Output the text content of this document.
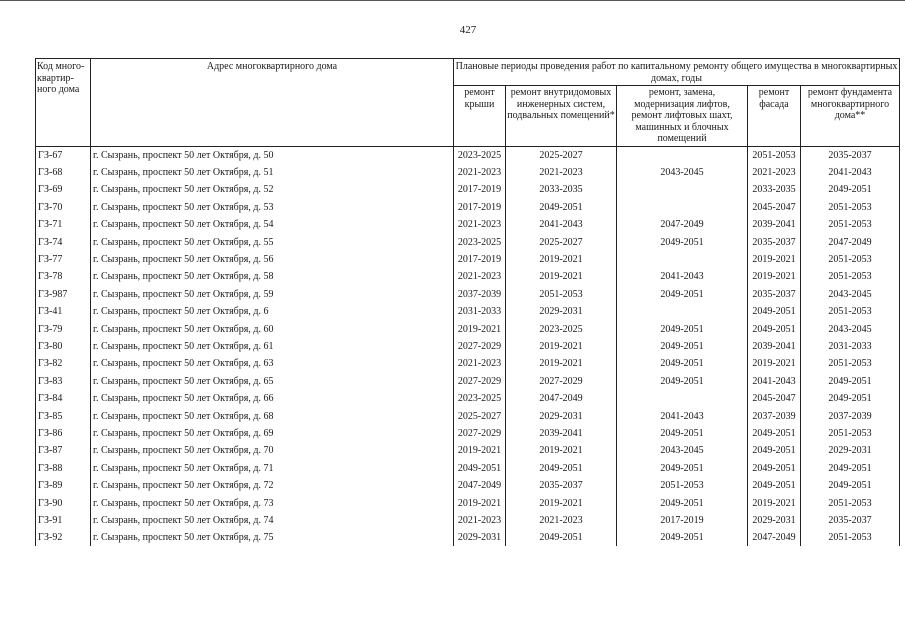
427
Код много-квартир-ного дома	Адрес многоквартирного дома	Плановые периоды проведения работ по капитальному ремонту общего имущества в многоквартирных домах, годы				
		ремонт крыши	ремонт внутридомовых инженерных систем, подвальных помещений*	ремонт, замена, модернизация лифтов, ремонт лифтовых шахт, машинных и блочных помещений	ремонт фасада	ремонт фундамента многоквартирного дома**
ГЗ-67	г. Сызрань, проспект 50 лет Октября, д. 50	2023-2025	2025-2027		2051-2053	2035-2037
ГЗ-68	г. Сызрань, проспект 50 лет Октября, д. 51	2021-2023	2021-2023	2043-2045	2021-2023	2041-2043
ГЗ-69	г. Сызрань, проспект 50 лет Октября, д. 52	2017-2019	2033-2035		2033-2035	2049-2051
ГЗ-70	г. Сызрань, проспект 50 лет Октября, д. 53	2017-2019	2049-2051		2045-2047	2051-2053
ГЗ-71	г. Сызрань, проспект 50 лет Октября, д. 54	2021-2023	2041-2043	2047-2049	2039-2041	2051-2053
ГЗ-74	г. Сызрань, проспект 50 лет Октября, д. 55	2023-2025	2025-2027	2049-2051	2035-2037	2047-2049
ГЗ-77	г. Сызрань, проспект 50 лет Октября, д. 56	2017-2019	2019-2021		2019-2021	2051-2053
ГЗ-78	г. Сызрань, проспект 50 лет Октября, д. 58	2021-2023	2019-2021	2041-2043	2019-2021	2051-2053
ГЗ-987	г. Сызрань, проспект 50 лет Октября, д. 59	2037-2039	2051-2053	2049-2051	2035-2037	2043-2045
ГЗ-41	г. Сызрань, проспект 50 лет Октября, д. 6	2031-2033	2029-2031		2049-2051	2051-2053
ГЗ-79	г. Сызрань, проспект 50 лет Октября, д. 60	2019-2021	2023-2025	2049-2051	2049-2051	2043-2045
ГЗ-80	г. Сызрань, проспект 50 лет Октября, д. 61	2027-2029	2019-2021	2049-2051	2039-2041	2031-2033
ГЗ-82	г. Сызрань, проспект 50 лет Октября, д. 63	2021-2023	2019-2021	2049-2051	2019-2021	2051-2053
ГЗ-83	г. Сызрань, проспект 50 лет Октября, д. 65	2027-2029	2027-2029	2049-2051	2041-2043	2049-2051
ГЗ-84	г. Сызрань, проспект 50 лет Октября, д. 66	2023-2025	2047-2049		2045-2047	2049-2051
ГЗ-85	г. Сызрань, проспект 50 лет Октября, д. 68	2025-2027	2029-2031	2041-2043	2037-2039	2037-2039
ГЗ-86	г. Сызрань, проспект 50 лет Октября, д. 69	2027-2029	2039-2041	2049-2051	2049-2051	2051-2053
ГЗ-87	г. Сызрань, проспект 50 лет Октября, д. 70	2019-2021	2019-2021	2043-2045	2049-2051	2029-2031
ГЗ-88	г. Сызрань, проспект 50 лет Октября, д. 71	2049-2051	2049-2051	2049-2051	2049-2051	2049-2051
ГЗ-89	г. Сызрань, проспект 50 лет Октября, д. 72	2047-2049	2035-2037	2051-2053	2049-2051	2049-2051
ГЗ-90	г. Сызрань, проспект 50 лет Октября, д. 73	2019-2021	2019-2021	2049-2051	2019-2021	2051-2053
ГЗ-91	г. Сызрань, проспект 50 лет Октября, д. 74	2021-2023	2021-2023	2017-2019	2029-2031	2035-2037
ГЗ-92	г. Сызрань, проспект 50 лет Октября, д. 75	2029-2031	2049-2051	2049-2051	2047-2049	2051-2053
